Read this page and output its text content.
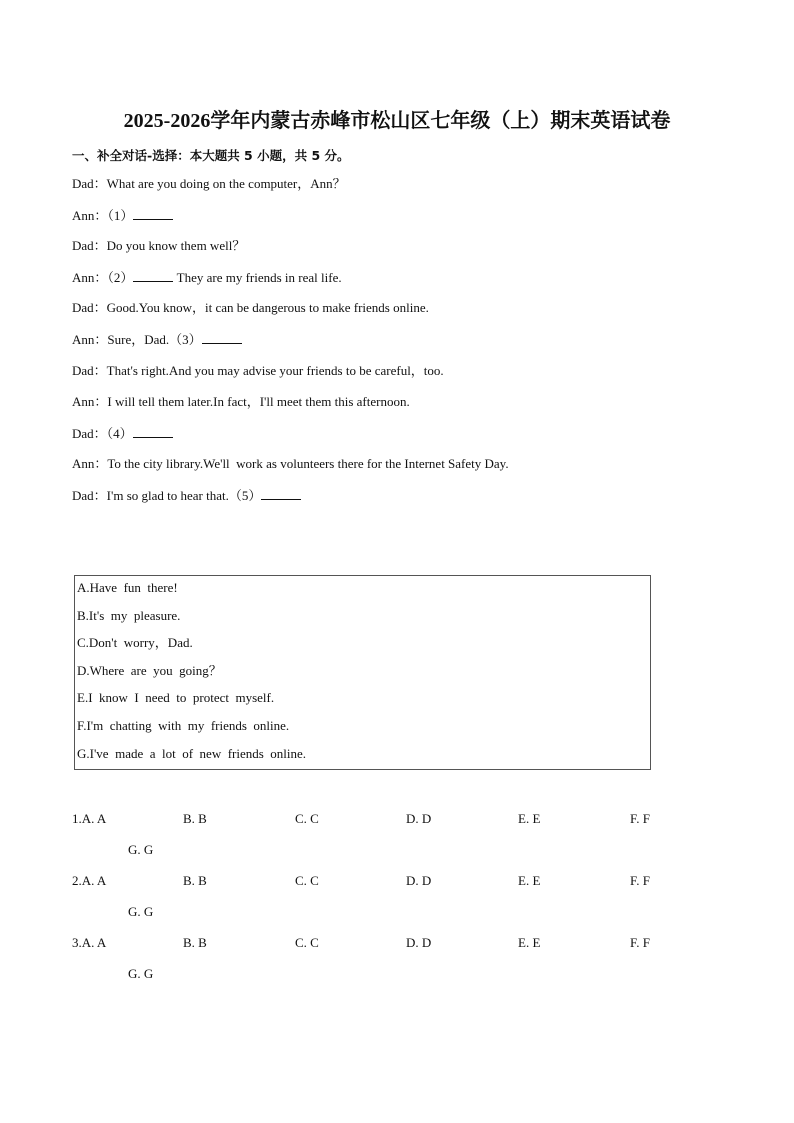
2025-2026学年内蒙古赤峰市松山区七年级（上）期末英语试卷
一、补全对话-选择：本大题共 5 小题，共 5 分。
Dad：What are you doing on the computer，Ann？
Ann：（1）
Dad：Do you know them well？
Ann：（2）	They are my friends in real life.
Dad：Good.You know，it can be dangerous to make friends online.
Ann：Sure，Dad.（3）
Dad：That's right.And you may advise your friends to be careful，too.
Ann：I will tell them later.In fact，I'll meet them this afternoon.
Dad：（4）
Ann：To the city library.We'll  work as volunteers there for the Internet Safety Day.
Dad：I'm so glad to hear that.（5）
A.Have  fun  there!
B.It's  my  pleasure.
C.Don't  worry，Dad.
D.Where  are  you  going？
E.I  know  I  need  to  protect  myself.
F.I'm  chatting  with  my  friends  online.
G.I've  made  a  lot  of  new  friends  online.
1.A. A	B. B	C. C	D. D	E. E	F. F
G. G
2.A. A	B. B	C. C	D. D	E. E	F. F
G. G
3.A. A	B. B	C. C	D. D	E. E	F. F
G. G
